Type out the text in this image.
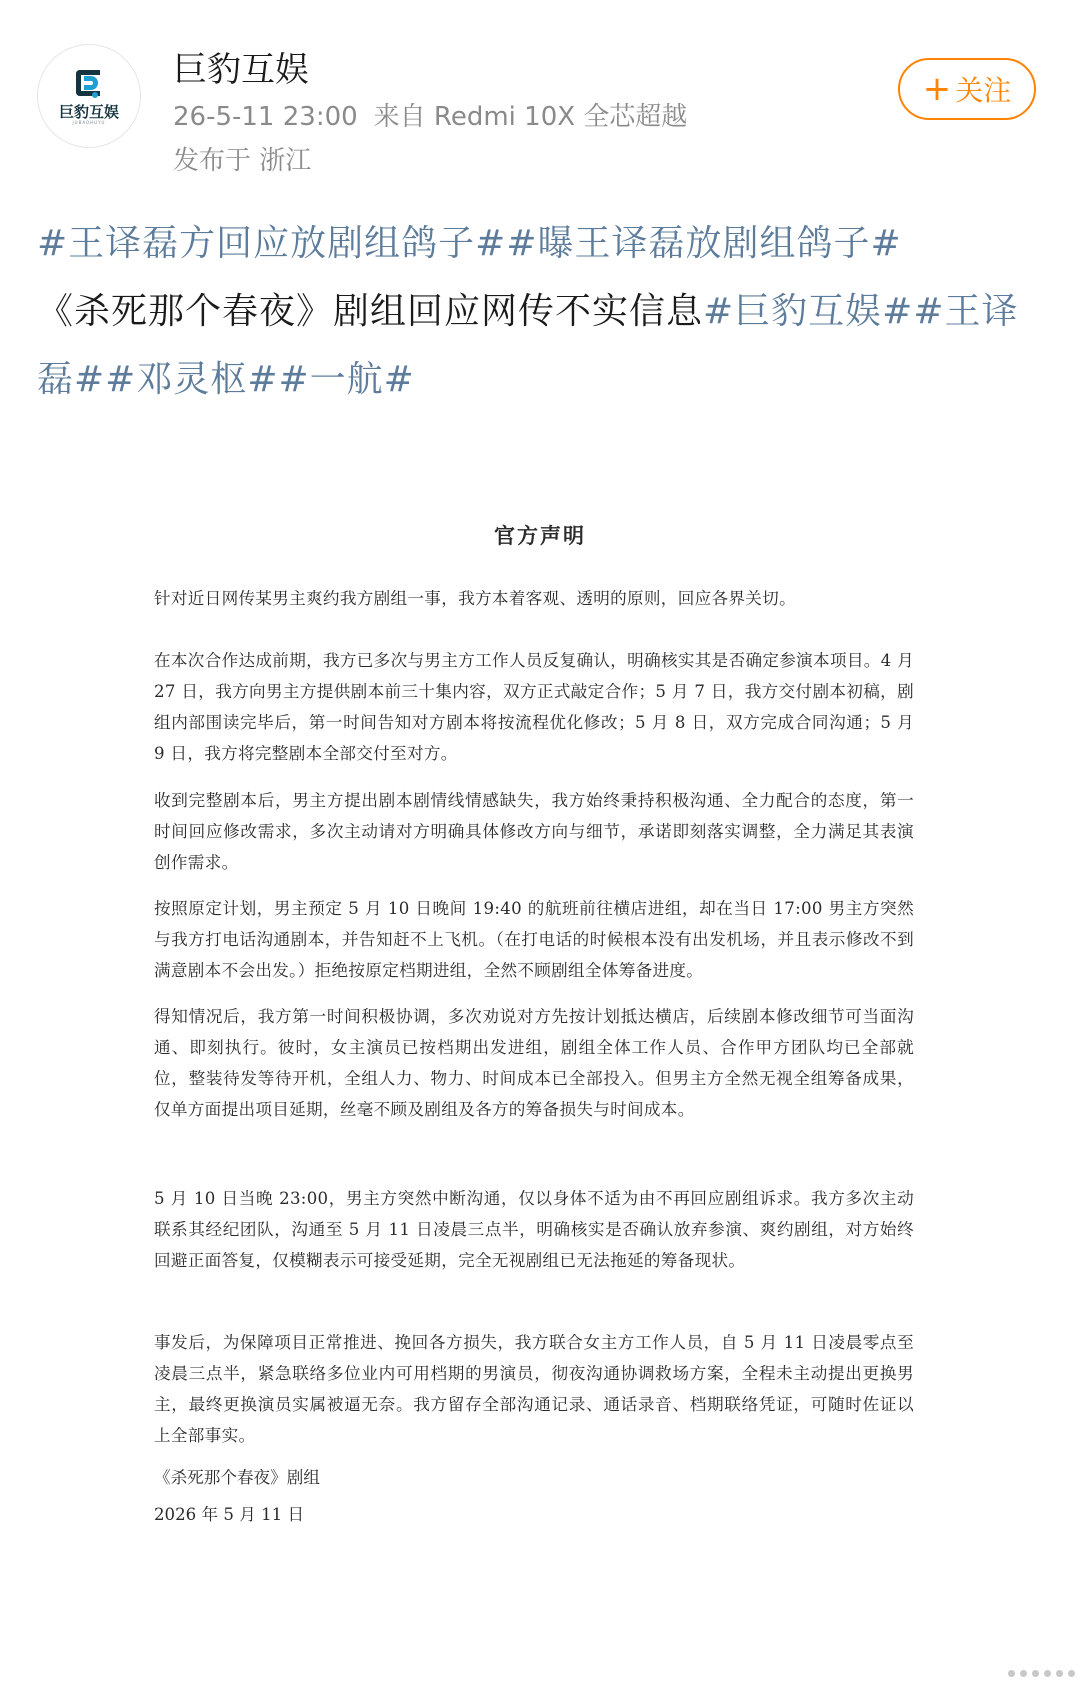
巨豹互娱
JUBAOHUYU
巨豹互娱
26-5-11 23:00 来自 Redmi 10X 全芯超越
发布于 浙江
+ 关注
#王译磊方回应放剧组鸽子##曝王译磊放剧组鸽子#
《杀死那个春夜》剧组回应网传不实信息#巨豹互娱##王译磊##邓灵枢##一航#
官方声明
针对近日网传某男主爽约我方剧组一事，我方本着客观、透明的原则，回应各界关切。
在本次合作达成前期，我方已多次与男主方工作人员反复确认，明确核实其是否确定参演本项目。4 月 27 日，我方向男主方提供剧本前三十集内容，双方正式敲定合作；5 月 7 日，我方交付剧本初稿，剧组内部围读完毕后，第一时间告知对方剧本将按流程优化修改；5 月 8 日，双方完成合同沟通；5 月 9 日，我方将完整剧本全部交付至对方。
收到完整剧本后，男主方提出剧本剧情线情感缺失，我方始终秉持积极沟通、全力配合的态度，第一时间回应修改需求，多次主动请对方明确具体修改方向与细节，承诺即刻落实调整，全力满足其表演创作需求。
按照原定计划，男主预定 5 月 10 日晚间 19:40 的航班前往横店进组，却在当日 17:00 男主方突然与我方打电话沟通剧本，并告知赶不上飞机。（在打电话的时候根本没有出发机场，并且表示修改不到满意剧本不会出发。）拒绝按原定档期进组，全然不顾剧组全体筹备进度。
得知情况后，我方第一时间积极协调，多次劝说对方先按计划抵达横店，后续剧本修改细节可当面沟通、即刻执行。彼时，女主演员已按档期出发进组，剧组全体工作人员、合作甲方团队均已全部就位，整装待发等待开机，全组人力、物力、时间成本已全部投入。但男主方全然无视全组筹备成果，仅单方面提出项目延期，丝毫不顾及剧组及各方的筹备损失与时间成本。
5 月 10 日当晚 23:00，男主方突然中断沟通，仅以身体不适为由不再回应剧组诉求。我方多次主动联系其经纪团队，沟通至 5 月 11 日凌晨三点半，明确核实是否确认放弃参演、爽约剧组，对方始终回避正面答复，仅模糊表示可接受延期，完全无视剧组已无法拖延的筹备现状。
事发后，为保障项目正常推进、挽回各方损失，我方联合女主方工作人员，自 5 月 11 日凌晨零点至凌晨三点半，紧急联络多位业内可用档期的男演员，彻夜沟通协调救场方案，全程未主动提出更换男主，最终更换演员实属被逼无奈。我方留存全部沟通记录、通话录音、档期联络凭证，可随时佐证以上全部事实。
《杀死那个春夜》剧组
2026 年 5 月 11 日
